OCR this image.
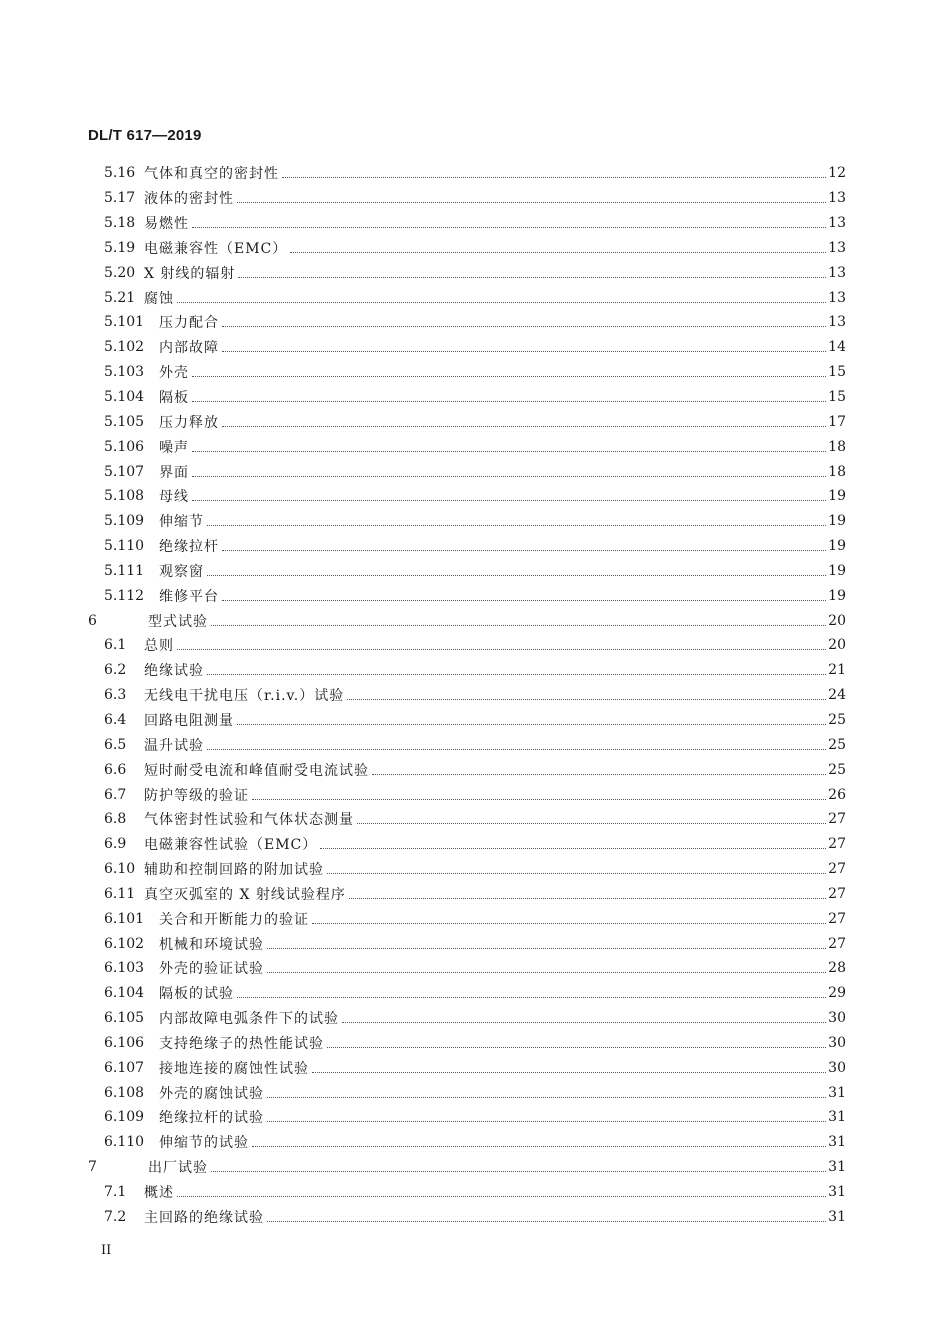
DL/T 617—2019
5.16 气体和真空的密封性	12
5.17 液体的密封性	13
5.18 易燃性	13
5.19 电磁兼容性（EMC）	13
5.20 X 射线的辐射	13
5.21 腐蚀	13
5.101	压力配合	13
5.102	内部故障	14
5.103	外壳	15
5.104	隔板	15
5.105	压力释放	17
5.106	噪声	18
5.107	界面	18
5.108	母线	19
5.109	伸缩节	19
5.110	绝缘拉杆	19
5.111	观察窗	19
5.112	维修平台	19
6	型式试验	20
6.1	总则	20
6.2	绝缘试验	21
6.3	无线电干扰电压（r.i.v.）试验	24
6.4	回路电阻测量	25
6.5	温升试验	25
6.6	短时耐受电流和峰值耐受电流试验	25
6.7	防护等级的验证	26
6.8	气体密封性试验和气体状态测量	27
6.9	电磁兼容性试验（EMC）	27
6.10 辅助和控制回路的附加试验	27
6.11 真空灭弧室的 X 射线试验程序	27
6.101	关合和开断能力的验证	27
6.102	机械和环境试验	27
6.103	外壳的验证试验	28
6.104	隔板的试验	29
6.105	内部故障电弧条件下的试验	30
6.106	支持绝缘子的热性能试验	30
6.107	接地连接的腐蚀性试验	30
6.108	外壳的腐蚀试验	31
6.109	绝缘拉杆的试验	31
6.110	伸缩节的试验	31
7	出厂试验	31
7.1	概述	31
7.2	主回路的绝缘试验	31
II
